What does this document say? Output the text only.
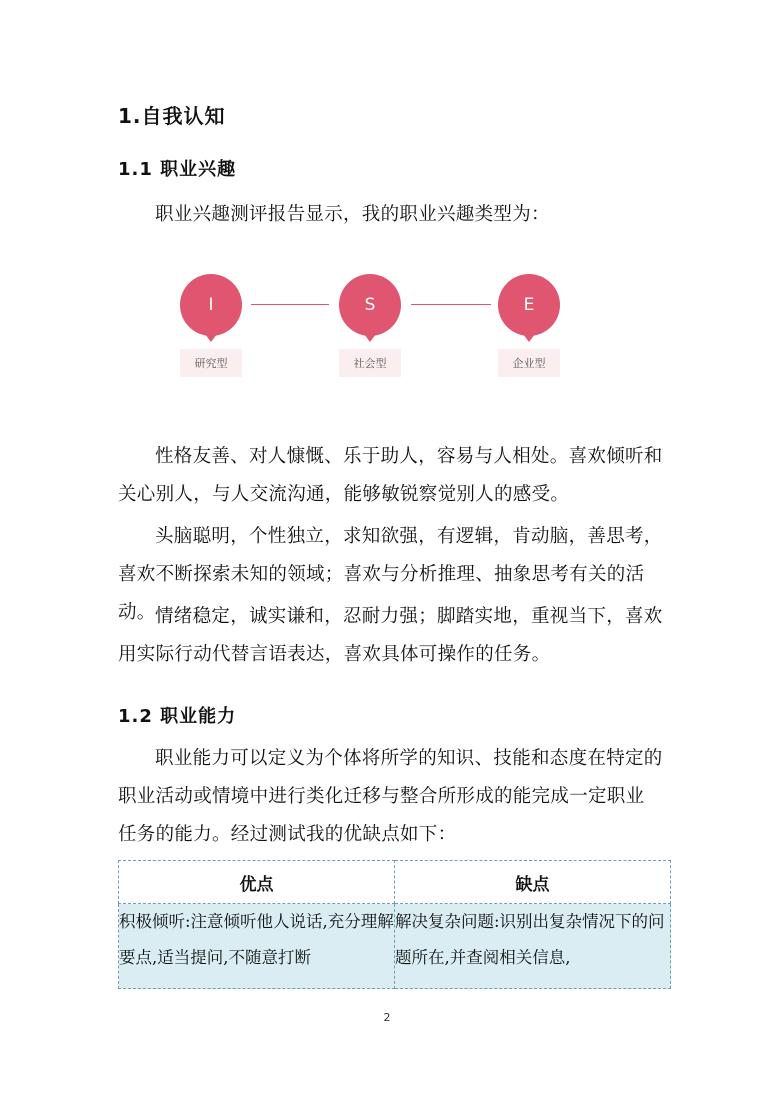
1.自我认知
1.1 职业兴趣
职业兴趣测评报告显示，我的职业兴趣类型为：
I
研究型
S
社会型
E
企业型
性格友善、对人慷慨、乐于助人，容易与人相处。喜欢倾听和关心别人，与人交流沟通，能够敏锐察觉别人的感受。
头脑聪明，个性独立，求知欲强，有逻辑，肯动脑，善思考，喜欢不断探索未知的领域；喜欢与分析推理、抽象思考有关的活动。 情绪稳定，诚实谦和，忍耐力强；脚踏实地，重视当下，喜欢用实际行动代替言语表达，喜欢具体可操作的任务。
1.2 职业能力
职业能力可以定义为个体将所学的知识、技能和态度在特定的职业活动或情境中进行类化迁移与整合所形成的能完成一定职业任务的能力。经过测试我的优缺点如下：
优点	缺点
积极倾听:注意倾听他人说话,充分理解要点,适当提问,不随意打断	解决复杂问题:识别出复杂情况下的问题所在,并查阅相关信息,
2
